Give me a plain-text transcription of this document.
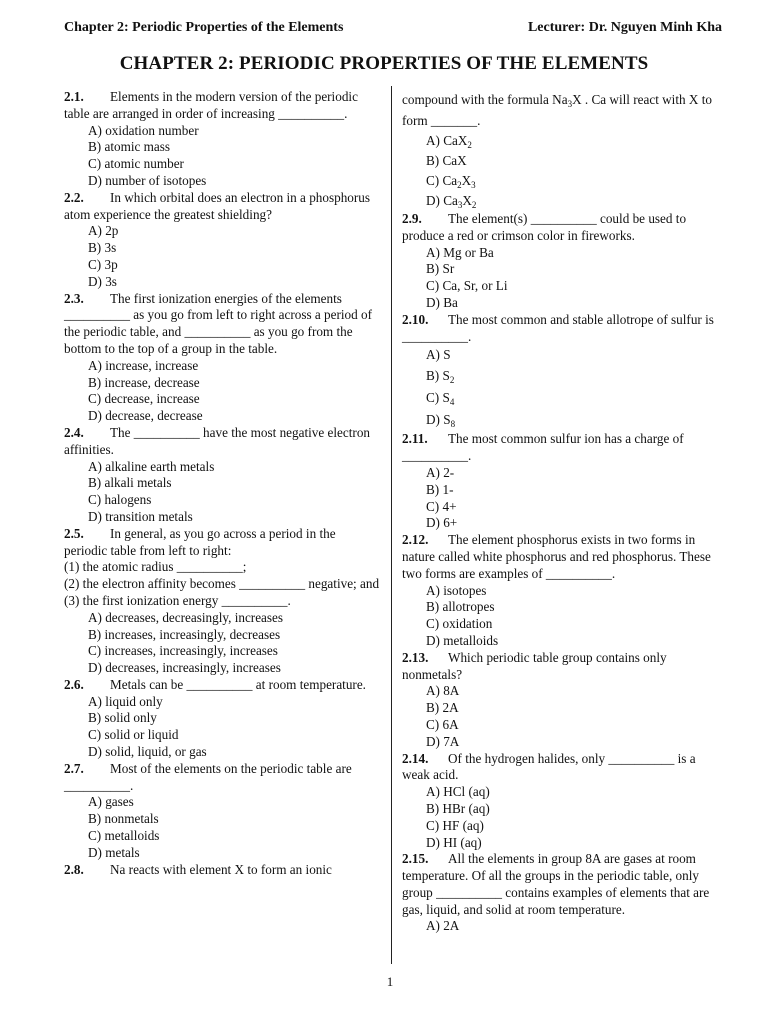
Chapter 2: Periodic Properties of the Elements	Lecturer: Dr. Nguyen Minh Kha
CHAPTER 2: PERIODIC PROPERTIES OF THE ELEMENTS
2.1. Elements in the modern version of the periodic table are arranged in order of increasing __________.
A) oxidation number
B) atomic mass
C) atomic number
D) number of isotopes
2.2. In which orbital does an electron in a phosphorus atom experience the greatest shielding?
A) 2p
B) 3s
C) 3p
D) 3s
2.3. The first ionization energies of the elements __________ as you go from left to right across a period of the periodic table, and __________ as you go from the bottom to the top of a group in the table.
A) increase, increase
B) increase, decrease
C) decrease, increase
D) decrease, decrease
2.4. The __________ have the most negative electron affinities.
A) alkaline earth metals
B) alkali metals
C) halogens
D) transition metals
2.5. In general, as you go across a period in the periodic table from left to right:
(1) the atomic radius __________;
(2) the electron affinity becomes __________ negative; and
(3) the first ionization energy __________.
A) decreases, decreasingly, increases
B) increases, increasingly, decreases
C) increases, increasingly, increases
D) decreases, increasingly, increases
2.6. Metals can be __________ at room temperature.
A) liquid only
B) solid only
C) solid or liquid
D) solid, liquid, or gas
2.7. Most of the elements on the periodic table are __________.
A) gases
B) nonmetals
C) metalloids
D) metals
2.8. Na reacts with element X to form an ionic
compound with the formula $Na_3X$ . Ca will react with X to form _______.
A) CaX$_2$
B) CaX
C) $Ca_2X_3$
D) $Ca_3X_2$
2.9. The element(s) __________ could be used to produce a red or crimson color in fireworks.
A) Mg or Ba
B) Sr
C) Ca, Sr, or Li
D) Ba
2.10. The most common and stable allotrope of sulfur is __________.
A) S
B) $S_2$
C) $S_4$
D) $S_8$
2.11. The most common sulfur ion has a charge of __________.
A) 2-
B) 1-
C) 4+
D) 6+
2.12. The element phosphorus exists in two forms in nature called white phosphorus and red phosphorus. These two forms are examples of __________.
A) isotopes
B) allotropes
C) oxidation
D) metalloids
2.13. Which periodic table group contains only nonmetals?
A) 8A
B) 2A
C) 6A
D) 7A
2.14. Of the hydrogen halides, only __________ is a weak acid.
A) HCl (aq)
B) HBr (aq)
C) HF (aq)
D) HI (aq)
2.15. All the elements in group 8A are gases at room temperature. Of all the groups in the periodic table, only group __________ contains examples of elements that are gas, liquid, and solid at room temperature.
A) 2A
1
